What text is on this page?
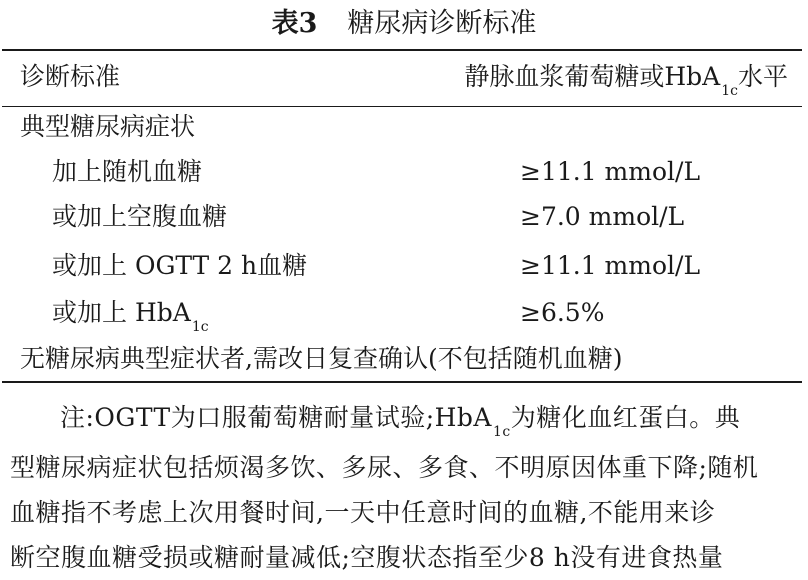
表3 糖尿病诊断标准
诊断标准	静脉血浆葡萄糖或HbA$_{1c}$水平
典型糖尿病症状
加上随机血糖	≥11.1 mmol/L
或加上空腹血糖	≥7.0 mmol/L
或加上 OGTT 2 h血糖	≥11.1 mmol/L
或加上 HbA$_{1c}$	≥6.5%
无糖尿病典型症状者,需改日复查确认(不包括随机血糖)
注:OGTT为口服葡萄糖耐量试验;HbA$_{1c}$为糖化血红蛋白。典
型糖尿病症状包括烦渴多饮、多尿、多食、不明原因体重下降;随机
血糖指不考虑上次用餐时间,一天中任意时间的血糖,不能用来诊
断空腹血糖受损或糖耐量减低;空腹状态指至少8 h没有进食热量
